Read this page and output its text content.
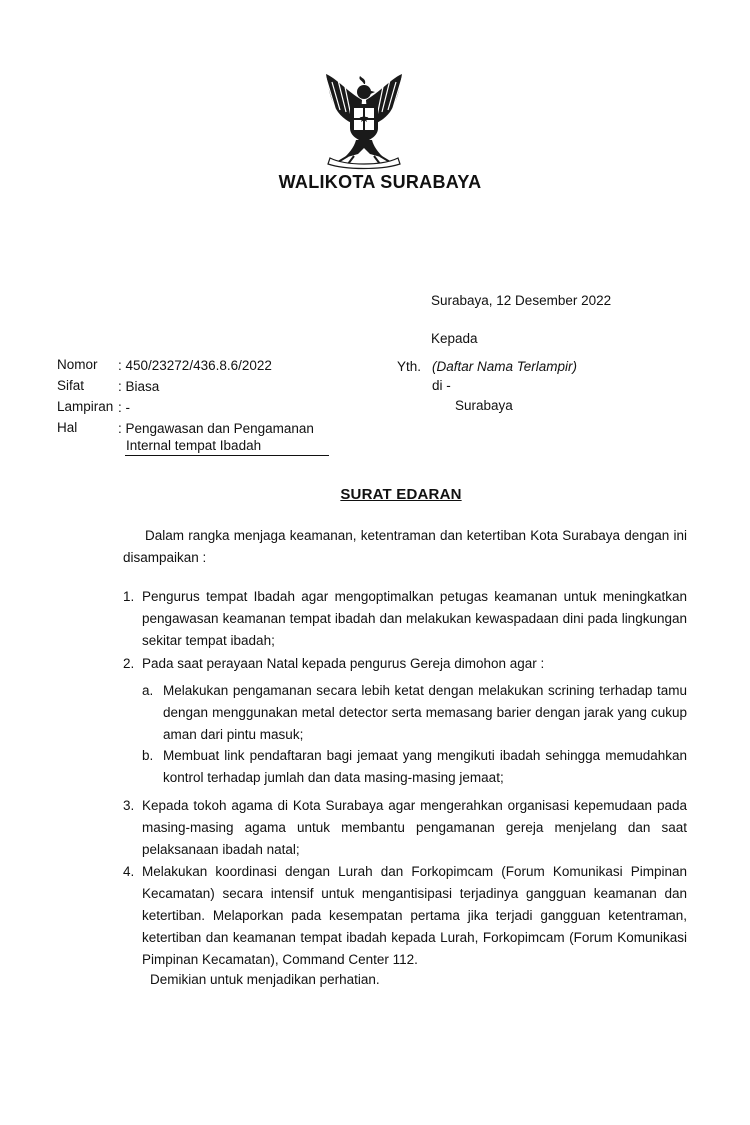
WALIKOTA SURABAYA
Surabaya, 12 Desember 2022
Kepada
Yth. (Daftar Nama Terlampir)
di -
Surabaya
Nomor : 450/23272/436.8.6/2022
Sifat	: Biasa
Lampiran : -
Hal	: Pengawasan dan Pengamanan
Internal tempat Ibadah
SURAT EDARAN
Dalam rangka menjaga keamanan, ketentraman dan ketertiban Kota Surabaya dengan ini disampaikan :
1. Pengurus tempat Ibadah agar mengoptimalkan petugas keamanan untuk meningkatkan pengawasan keamanan tempat ibadah dan melakukan kewaspadaan dini pada lingkungan sekitar tempat ibadah;
2. Pada saat perayaan Natal kepada pengurus Gereja dimohon agar :
a. Melakukan pengamanan secara lebih ketat dengan melakukan scrining terhadap tamu dengan menggunakan metal detector serta memasang barier dengan jarak yang cukup aman dari pintu masuk;
b. Membuat link pendaftaran bagi jemaat yang mengikuti ibadah sehingga memudahkan kontrol terhadap jumlah dan data masing-masing jemaat;
3. Kepada tokoh agama di Kota Surabaya agar mengerahkan organisasi kepemudaan pada masing-masing agama untuk membantu pengamanan gereja menjelang dan saat pelaksanaan ibadah natal;
4. Melakukan koordinasi dengan Lurah dan Forkopimcam (Forum Komunikasi Pimpinan Kecamatan) secara intensif untuk mengantisipasi terjadinya gangguan keamanan dan ketertiban. Melaporkan pada kesempatan pertama jika terjadi gangguan ketentraman, ketertiban dan keamanan tempat ibadah kepada Lurah, Forkopimcam (Forum Komunikasi Pimpinan Kecamatan), Command Center 112.
Demikian untuk menjadikan perhatian.
